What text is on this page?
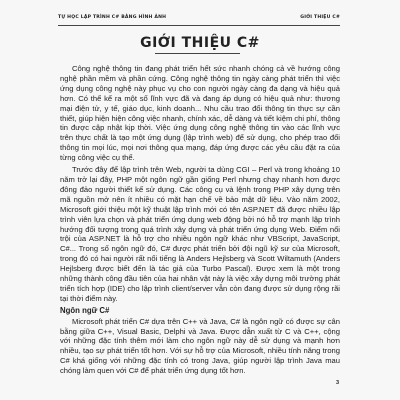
TỰ HỌC LẬP TRÌNH C# BẰNG HÌNH ẢNH	GIỚI THIỆU C#
GIỚI THIỆU C#

Công nghệ thông tin đang phát triển hết sức nhanh chóng cả về hướng công nghệ phần mềm và phần cứng. Công nghệ thông tin ngày càng phát triển thì việc ứng dụng công nghệ này phục vụ cho con người ngày càng đa dạng và hiệu quả hơn. Có thể kể ra một số lĩnh vực đã và đang áp dụng có hiệu quả như: thương mại điện tử, y tế, giáo dục, kinh doanh... Nhu cầu trao đổi thông tin thực sự cần thiết, giúp hiện hiện công việc nhanh, chính xác, dễ dàng và tiết kiệm chi phí, thông tin được cập nhật kịp thời. Việc ứng dụng công nghệ thông tin vào các lĩnh vực trên thực chất là tạo một ứng dụng (lập trình web) để sử dụng, cho phép trao đổi thông tin mọi lúc, mọi nơi thông qua mạng, đáp ứng được các yêu cầu đặt ra của từng công việc cụ thể.

Trước đây để lập trình trên Web, người ta dùng CGI – Perl và trong khoảng 10 năm trở lại đây, PHP một ngôn ngữ gần giống Perl nhưng chạy nhanh hơn được đông đảo người thiết kế sử dụng. Các công cụ và lệnh trong PHP xây dựng trên mã nguồn mở nên ít nhiều có mặt hạn chế về bảo mật dữ liệu. Vào năm 2002, Microsoft giới thiệu một kỹ thuật lập trình mới có tên ASP.NET đã được nhiều lập trình viên lựa chọn và phát triển ứng dụng web động bởi nó hỗ trợ mạnh lập trình hướng đối tượng trong quá trình xây dựng và phát triển ứng dụng Web. Điểm nổi trội của ASP.NET là hỗ trợ cho nhiều ngôn ngữ khác như VBScript, JavaScript, C#... Trong số ngôn ngữ đó, C# được phát triển bởi đội ngũ kỹ sư của Microsoft, trong đó có hai người rất nổi tiếng là Anders Hejlsberg và Scott Wiltamuth (Anders Hejlsberg được biết đến là tác giả của Turbo Pascal). Được xem là một trong những thành công đầu tiên của hai nhân vật này là việc xây dựng môi trường phát triển tích hợp (IDE) cho lập trình client/server vẫn còn đang được sử dụng rộng rãi tại thời điểm này.

Ngôn ngữ C#

Microsoft phát triển C# dựa trên C++ và Java, C# là ngôn ngữ có được sự cân bằng giữa C++, Visual Basic, Delphi và Java. Được dẫn xuất từ C và C++, cộng với những đặc tính thêm mới làm cho ngôn ngữ này dễ sử dụng và mạnh hơn nhiều, tạo sự phát triển tốt hơn. Với sự hỗ trợ của Microsoft, nhiều tính năng trong C# khá giống với những đặc tính có trong Java, giúp người lập trình Java mau chóng làm quen với C# để phát triển ứng dụng tốt hơn.

3
